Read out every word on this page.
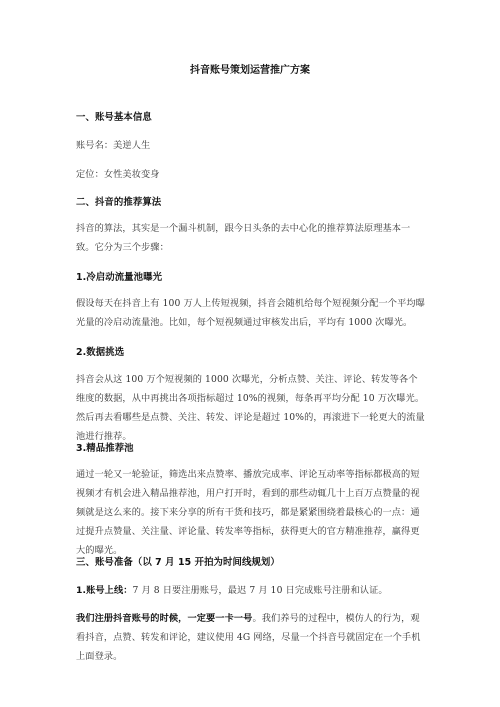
抖音账号策划运营推广方案
一、账号基本信息
账号名：美逆人生
定位：女性美妆变身
二、抖音的推荐算法
抖音的算法，其实是一个漏斗机制，跟今日头条的去中心化的推荐算法原理基本一致。它分为三个步骤：
1.冷启动流量池曝光
假设每天在抖音上有 100 万人上传短视频，抖音会随机给每个短视频分配一个平均曝光量的冷启动流量池。比如，每个短视频通过审核发出后，平均有 1000 次曝光。
2.数据挑选
抖音会从这 100 万个短视频的 1000 次曝光，分析点赞、关注、评论、转发等各个维度的数据，从中再挑出各项指标超过 10%的视频，每条再平均分配 10 万次曝光。然后再去看哪些是点赞、关注、转发、评论是超过 10%的，再滚进下一轮更大的流量池进行推荐。
3.精品推荐池
通过一轮又一轮验证，筛选出来点赞率、播放完成率、评论互动率等指标都极高的短视频才有机会进入精品推荐池，用户打开时，看到的那些动辄几十上百万点赞量的视频就是这么来的。接下来分享的所有干货和技巧，都是紧紧围绕着最核心的一点：通过提升点赞量、关注量、评论量、转发率等指标，获得更大的官方精准推荐，赢得更大的曝光。
三、账号准备（以 7 月 15 开拍为时间线规划）
1.账号上线：7 月 8 日要注册账号，最迟 7 月 10 日完成账号注册和认证。
我们注册抖音账号的时候，一定要一卡一号。我们养号的过程中，模仿人的行为，观看抖音，点赞、转发和评论，建议使用 4G 网络，尽量一个抖音号就固定在一个手机上面登录。
